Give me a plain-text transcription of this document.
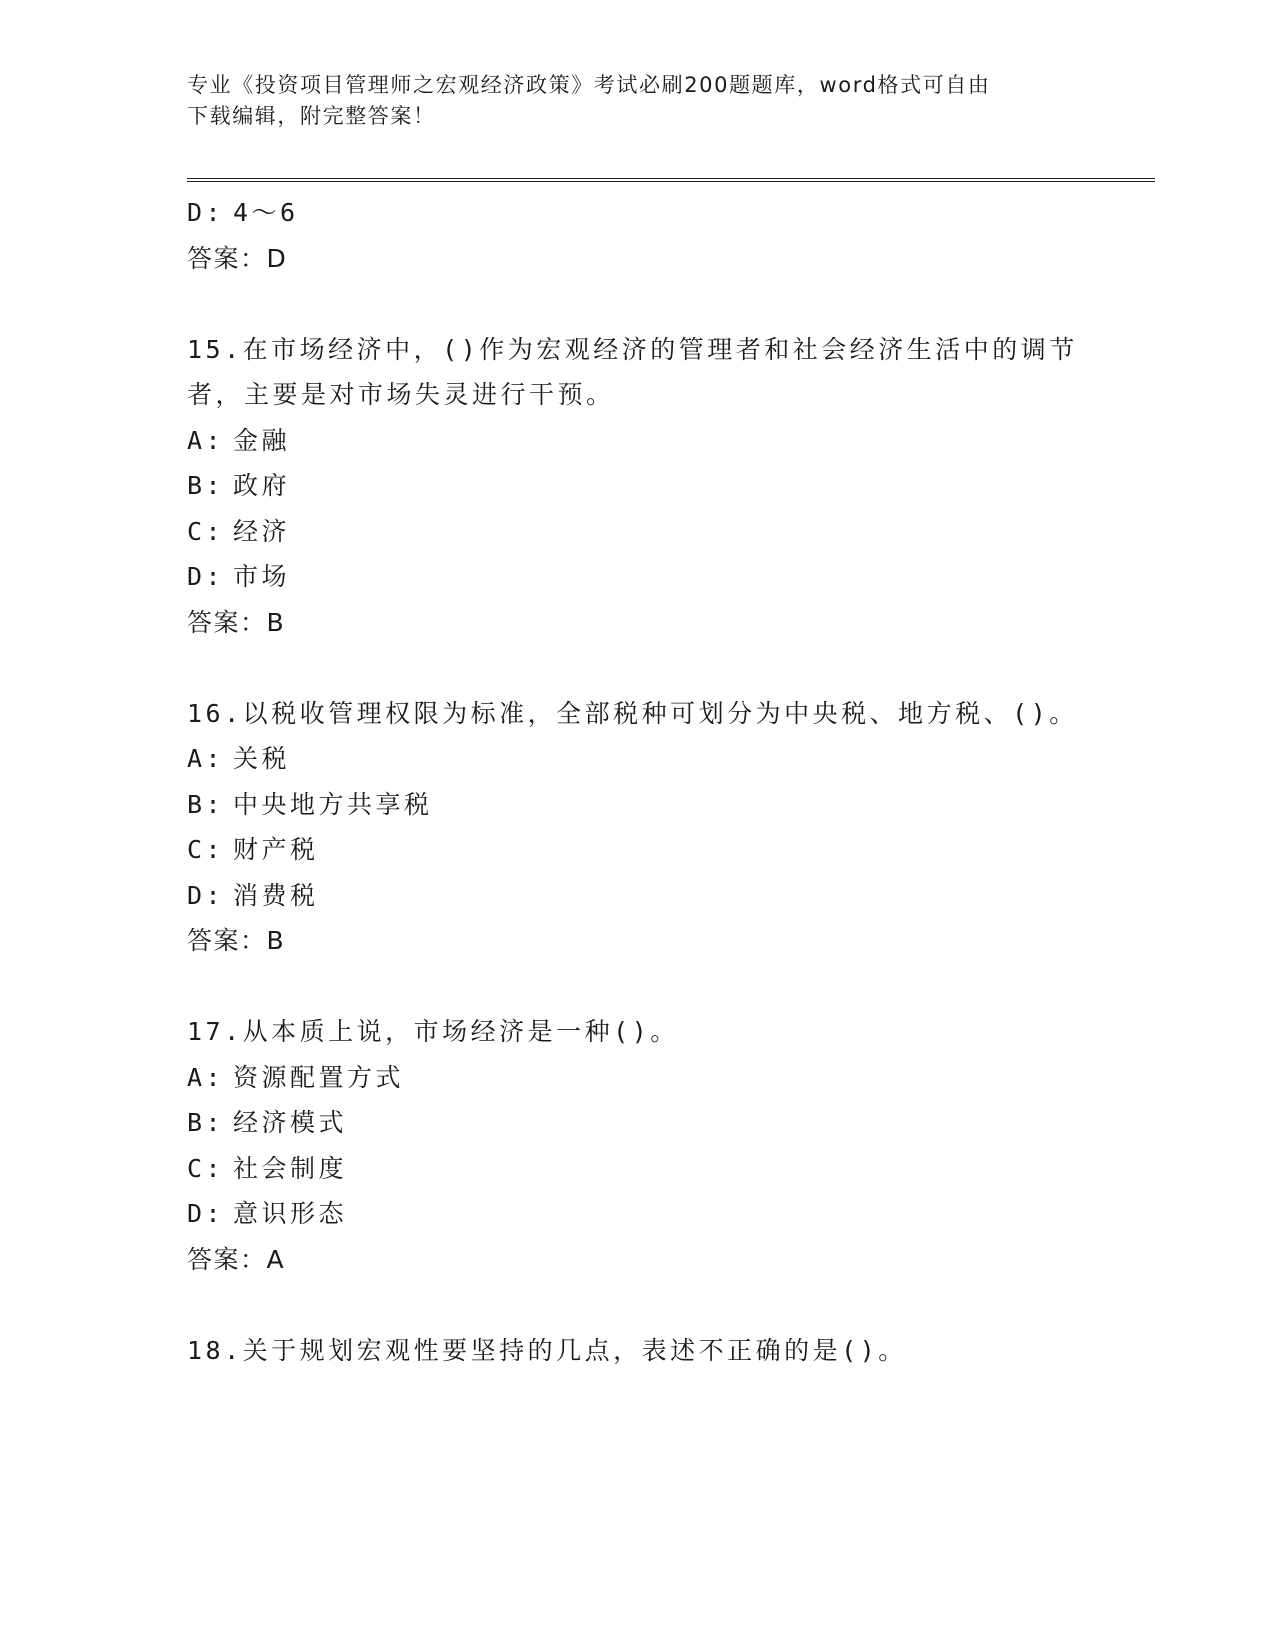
专业《投资项目管理师之宏观经济政策》考试必刷200题题库，word格式可自由
下载编辑，附完整答案！
D: 4～6
答案：D
15.在市场经济中，()作为宏观经济的管理者和社会经济生活中的调节
者，主要是对市场失灵进行干预。
A: 金融
B: 政府
C: 经济
D: 市场
答案：B
16.以税收管理权限为标准，全部税种可划分为中央税、地方税、()。
A: 关税
B: 中央地方共享税
C: 财产税
D: 消费税
答案：B
17.从本质上说，市场经济是一种()。
A: 资源配置方式
B: 经济模式
C: 社会制度
D: 意识形态
答案：A
18.关于规划宏观性要坚持的几点，表述不正确的是()。
